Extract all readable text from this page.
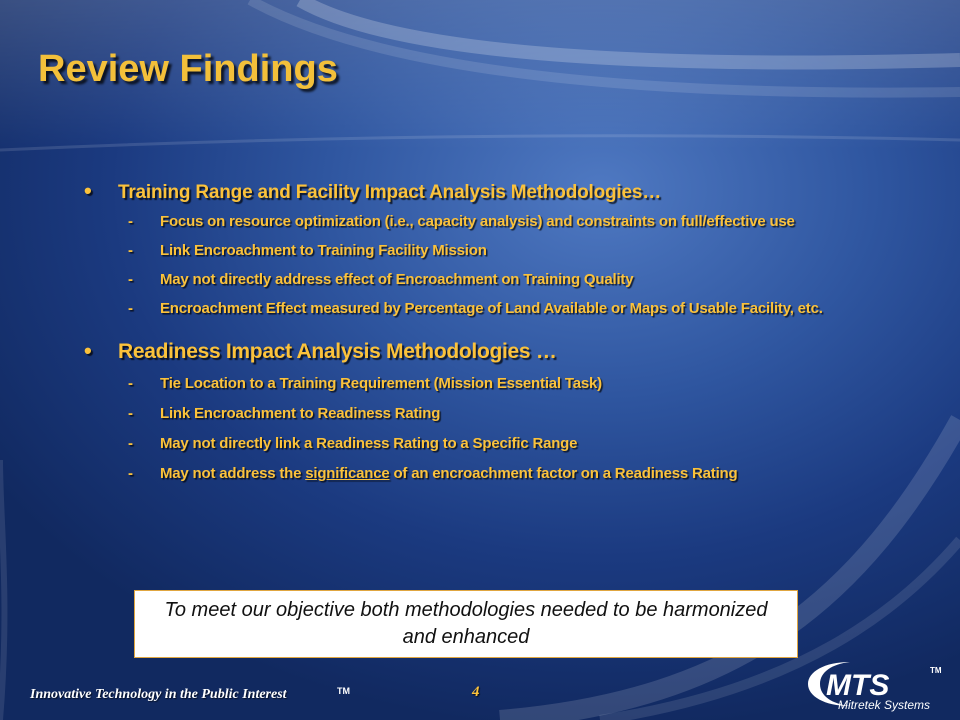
Review Findings
•	Training Range and Facility Impact Analysis Methodologies…
-	Focus on resource optimization (i.e., capacity analysis) and constraints on full/effective use
-	Link Encroachment to Training Facility Mission
-	May not directly address effect of Encroachment on Training Quality
-	Encroachment Effect measured by Percentage of Land Available or Maps of Usable Facility, etc.
•	Readiness Impact Analysis Methodologies …
-	Tie Location to a Training Requirement (Mission Essential Task)
-	Link Encroachment to Readiness Rating
-	May not directly link a Readiness Rating to a Specific Range
-	May not address the significance of an encroachment factor on a Readiness Rating
To meet our objective both methodologies needed to be harmonized and enhanced
Innovative Technology in the Public Interest	TM	4	MTS	TM
Mitretek Systems
